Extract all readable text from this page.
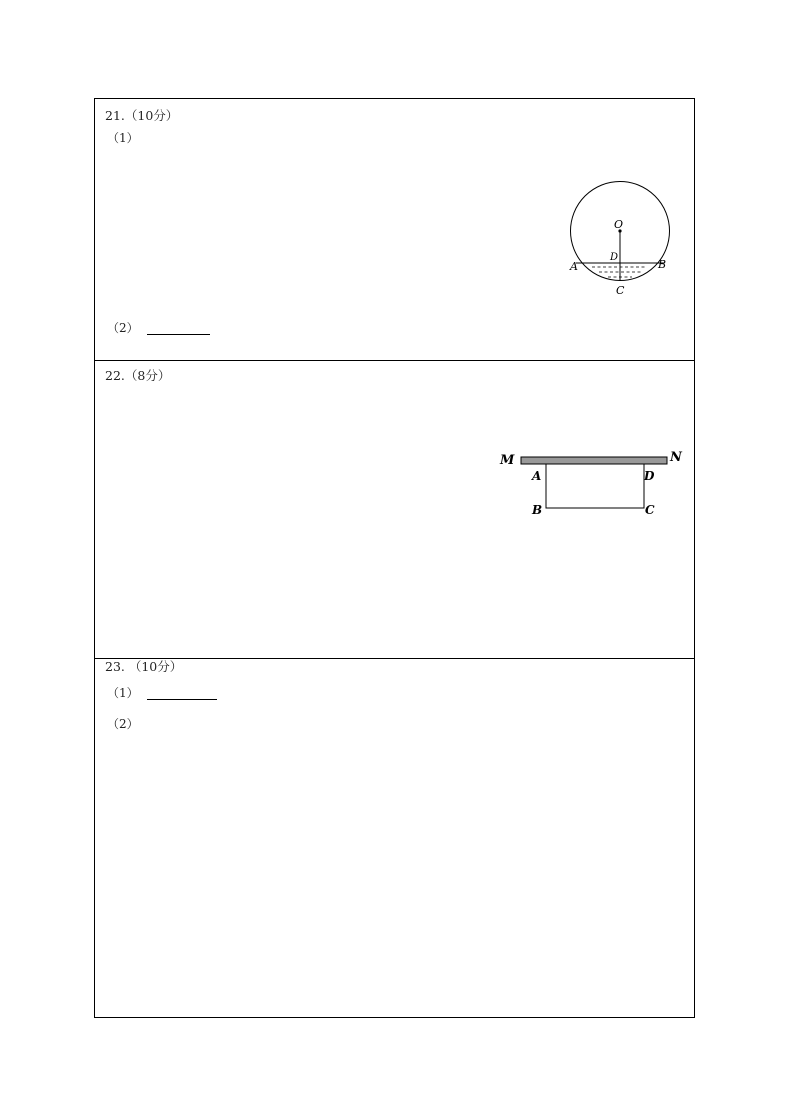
21.（10分）
（1）
（2）
O
D
A	B
C
22.（8分）
M	N
A	D
B	C
23. （10分）
（1）
（2）
